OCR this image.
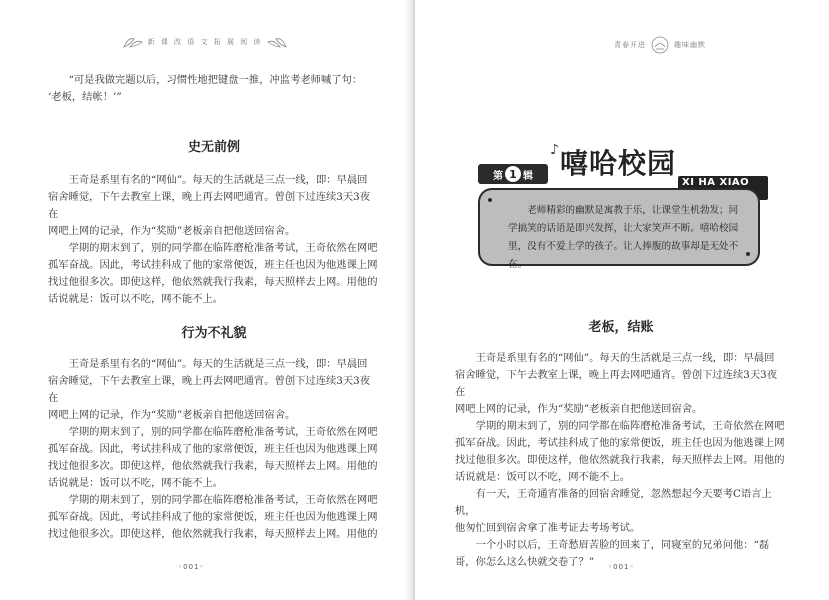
新 课 改 语 文 拓 展 阅 读

“可是我做完题以后，习惯性地把键盘一推，冲监考老师喊了句：

‘老板，结帐！’”

史无前例

王奇是系里有名的“网仙”。每天的生活就是三点一线，即：早晨回

宿舍睡觉，下午去教室上课，晚上再去网吧通宵。曾创下过连续3天3夜在

网吧上网的记录，作为“奖励”老板亲自把他送回宿舍。

学期的期末到了，别的同学都在临阵磨枪准备考试，王奇依然在网吧

孤军奋战。因此，考试挂科成了他的家常便饭，班主任也因为他逃课上网

找过他很多次。即使这样，他依然就我行我素，每天照样去上网。用他的

话说就是：饭可以不吃，网不能不上。

行为不礼貌

王奇是系里有名的“网仙”。每天的生活就是三点一线，即：早晨回

宿舍睡觉，下午去教室上课，晚上再去网吧通宵。曾创下过连续3天3夜在

网吧上网的记录，作为“奖励”老板亲自把他送回宿舍。

学期的期末到了，别的同学都在临阵磨枪准备考试，王奇依然在网吧

孤军奋战。因此，考试挂科成了他的家常便饭，班主任也因为他逃课上网

找过他很多次。即使这样，他依然就我行我素，每天照样去上网。用他的

话说就是：饭可以不吃，网不能不上。

学期的期末到了，别的同学都在临阵磨枪准备考试，王奇依然在网吧

孤军奋战。因此，考试挂科成了他的家常便饭，班主任也因为他逃课上网

找过他很多次。即使这样，他依然就我行我素，每天照样去上网。用他的

◦001◦
青春开进	趣味幽默
第 1 辑
♪ 嘻哈校园
XI HA XIAO

老师精彩的幽默是寓教于乐，让课堂生机勃发；同学搞笑的话语是即兴发挥，让大家笑声不断。嘻哈校园里，没有不爱上学的孩子。让人捧腹的故事却是无处不在。

老板，结账

王奇是系里有名的“网仙”。每天的生活就是三点一线，即：早晨回

宿舍睡觉，下午去教室上课，晚上再去网吧通宵。曾创下过连续3天3夜在

网吧上网的记录，作为“奖励”老板亲自把他送回宿舍。

学期的期末到了，别的同学都在临阵磨枪准备考试，王奇依然在网吧

孤军奋战。因此，考试挂科成了他的家常便饭，班主任也因为他逃课上网

找过他很多次。即使这样，他依然就我行我素，每天照样去上网。用他的

话说就是：饭可以不吃，网不能不上。

有一天，王奇通宵准备的回宿舍睡觉，忽然想起今天要考C语言上机，

他匆忙回到宿舍拿了准考证去考场考试。

一个小时以后，王奇愁眉苦脸的回来了，同寝室的兄弟问他：“磊

哥，你怎么这么快就交卷了？”	◦001◦
